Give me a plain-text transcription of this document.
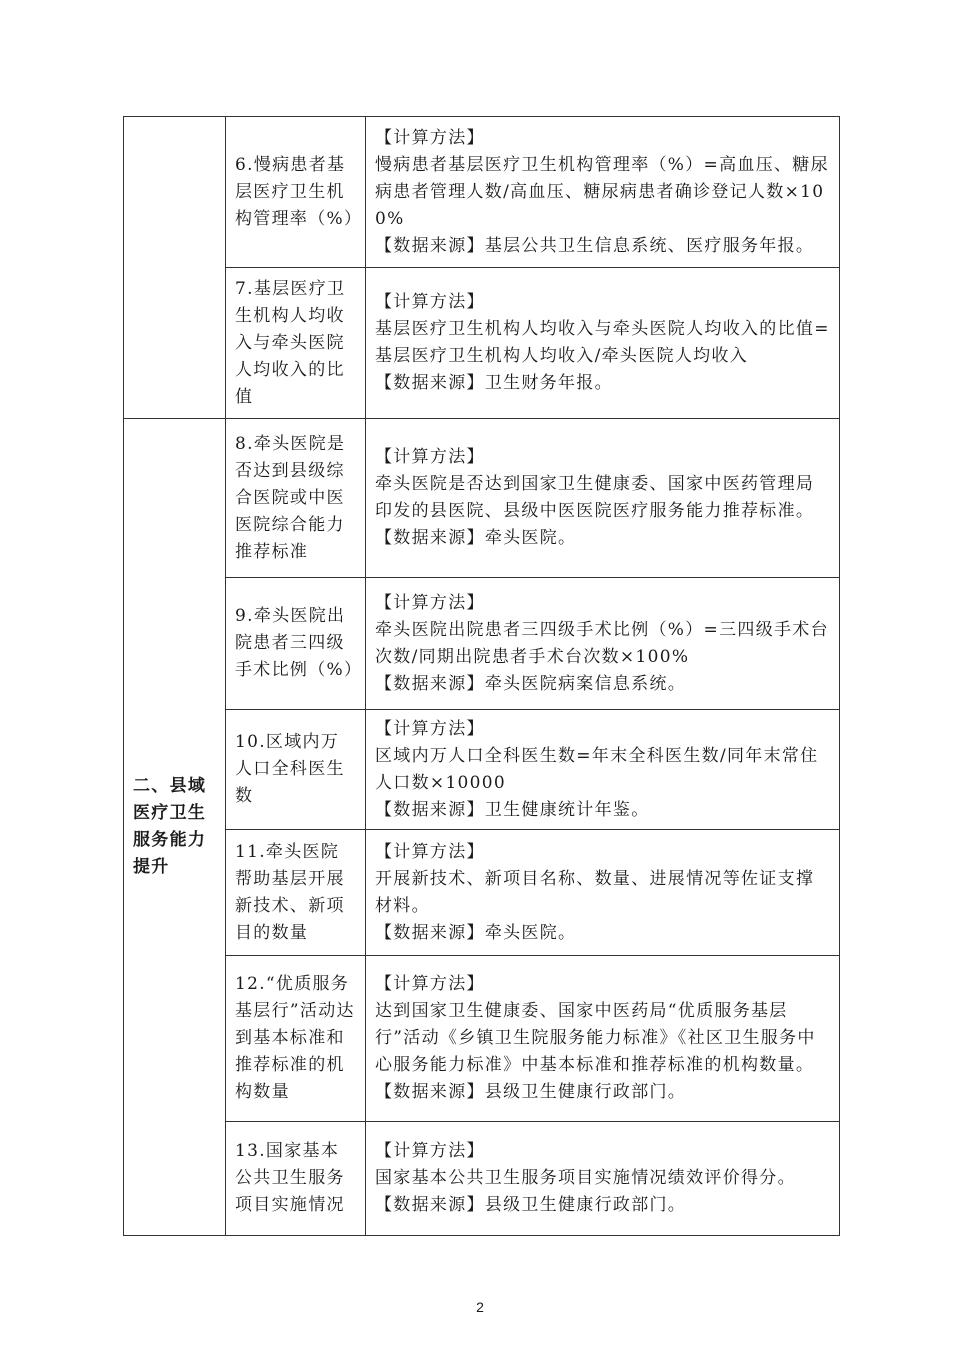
	6.慢病患者基层医疗卫生机构管理率（%）	【计算方法】
慢病患者基层医疗卫生机构管理率（%）=高血压、糖尿病患者管理人数/高血压、糖尿病患者确诊登记人数×100%
【数据来源】基层公共卫生信息系统、医疗服务年报。

	7.基层医疗卫生机构人均收入与牵头医院人均收入的比值	【计算方法】
基层医疗卫生机构人均收入与牵头医院人均收入的比值=基层医疗卫生机构人均收入/牵头医院人均收入
【数据来源】卫生财务年报。

二、县域医疗卫生服务能力提升	8.牵头医院是否达到县级综合医院或中医医院综合能力推荐标准	【计算方法】
牵头医院是否达到国家卫生健康委、国家中医药管理局印发的县医院、县级中医医院医疗服务能力推荐标准。
【数据来源】牵头医院。

	9.牵头医院出院患者三四级手术比例（%）	【计算方法】
牵头医院出院患者三四级手术比例（%）=三四级手术台次数/同期出院患者手术台次数×100%
【数据来源】牵头医院病案信息系统。

	10.区域内万人口全科医生数	【计算方法】
区域内万人口全科医生数=年末全科医生数/同年末常住人口数×10000
【数据来源】卫生健康统计年鉴。

	11.牵头医院帮助基层开展新技术、新项目的数量	【计算方法】
开展新技术、新项目名称、数量、进展情况等佐证支撑材料。
【数据来源】牵头医院。

	12.“优质服务基层行”活动达到基本标准和推荐标准的机构数量	【计算方法】
达到国家卫生健康委、国家中医药局“优质服务基层行”活动《乡镇卫生院服务能力标准》《社区卫生服务中心服务能力标准》中基本标准和推荐标准的机构数量。
【数据来源】县级卫生健康行政部门。

	13.国家基本公共卫生服务项目实施情况	【计算方法】
国家基本公共卫生服务项目实施情况绩效评价得分。
【数据来源】县级卫生健康行政部门。
2
